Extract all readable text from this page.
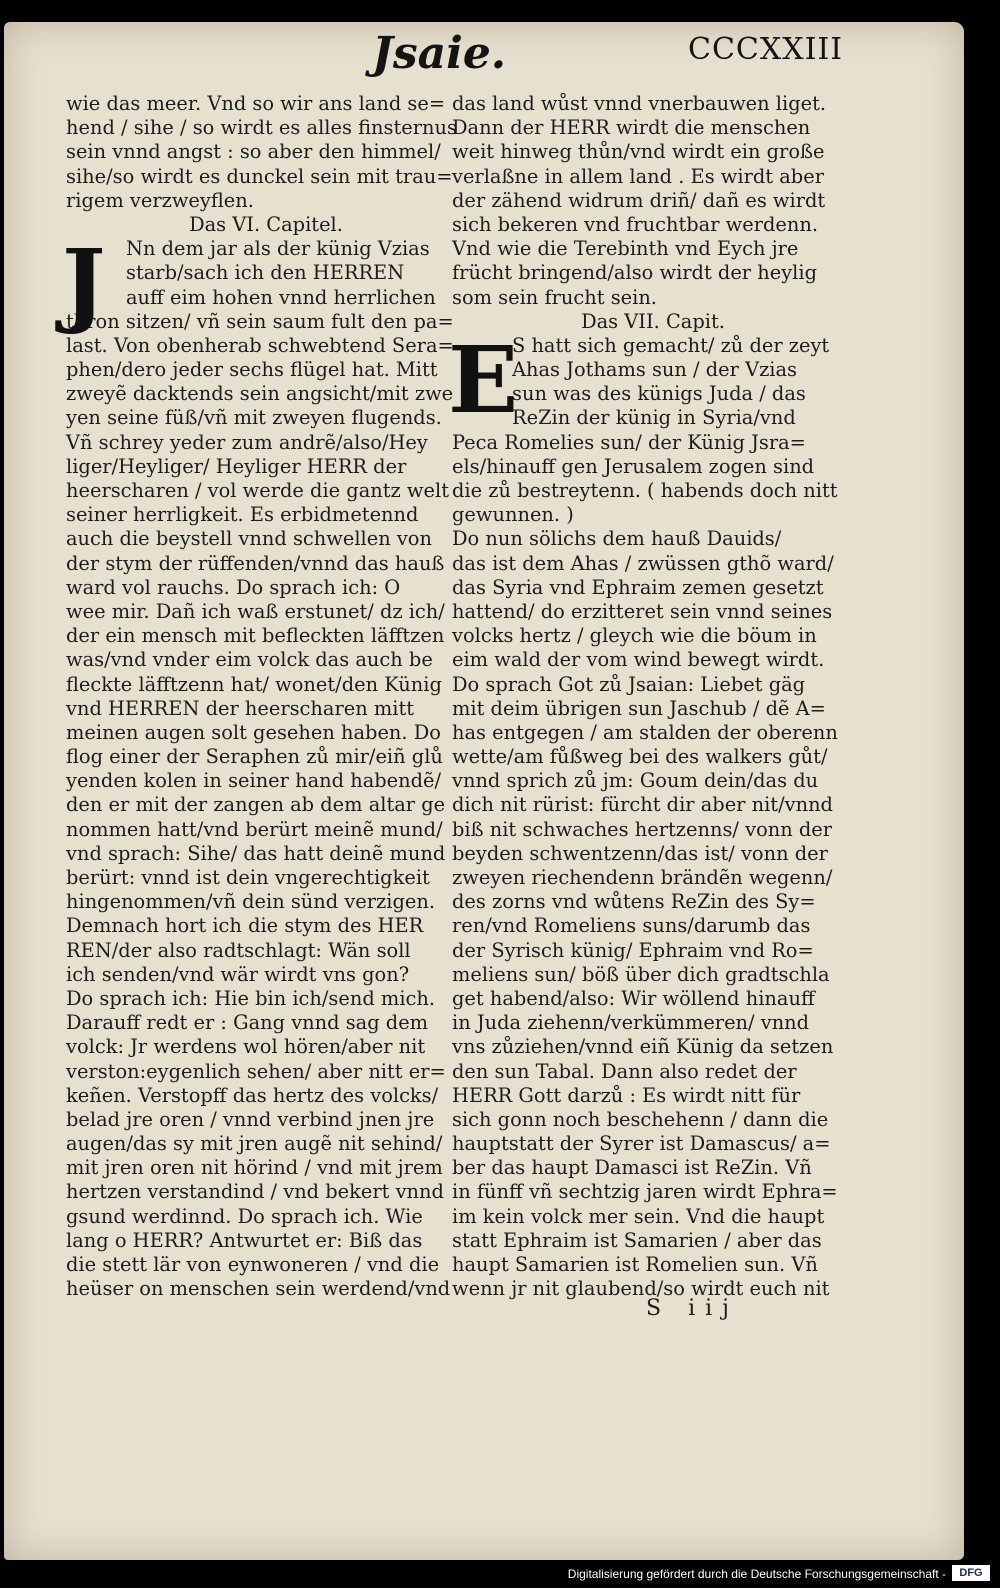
Jsaie.	CCCXXIII
wie das meer. Vnd so wir ans land se=
hend / sihe / so wirdt es alles finsternus
sein vnnd angst : so aber den himmel/
sihe/so wirdt es dunckel sein mit trau=
rigem verzweyflen.
Das VI. Capitel.
J Nn dem jar als der künig Vzias
starb/sach ich den HERREN
auff eim hohen vnnd herrlichen
thron sitzen/ vñ sein saum fult den pa=
last. Von obenherab schwebtend Sera=
phen/dero jeder sechs flügel hat. Mitt
zweyẽ dacktends sein angsicht/mit zwe
yen seine füß/vñ mit zweyen flugends.
Vñ schrey yeder zum andrẽ/also/Hey
liger/Heyliger/ Heyliger HERR der
heerscharen / vol werde die gantz welt
seiner herrligkeit. Es erbidmetennd
auch die beystell vnnd schwellen von
der stym der rüffenden/vnnd das hauß
ward vol rauchs. Do sprach ich: O
wee mir. Dañ ich waß erstunet/ dz ich/
der ein mensch mit befleckten läfftzen
was/vnd vnder eim volck das auch be
fleckte läfftzenn hat/ wonet/den Künig
vnd HERREN der heerscharen mitt
meinen augen solt gesehen haben. Do
flog einer der Seraphen zů mir/eiñ glů
yenden kolen in seiner hand habendẽ/
den er mit der zangen ab dem altar ge
nommen hatt/vnd berürt meinẽ mund/
vnd sprach: Sihe/ das hatt deinẽ mund
berürt: vnnd ist dein vngerechtigkeit
hingenommen/vñ dein sünd verzigen.
Demnach hort ich die stym des HER
REN/der also radtschlagt: Wän soll
ich senden/vnd wär wirdt vns gon?
Do sprach ich: Hie bin ich/send mich.
Darauff redt er : Gang vnnd sag dem
volck: Jr werdens wol hören/aber nit
verston:eygenlich sehen/ aber nitt er=
keñen. Verstopff das hertz des volcks/
belad jre oren / vnnd verbind jnen jre
augen/das sy mit jren augẽ nit sehind/
mit jren oren nit hörind / vnd mit jrem
hertzen verstandind / vnd bekert vnnd
gsund werdinnd. Do sprach ich. Wie
lang o HERR? Antwurtet er: Biß das
die stett lär von eynwoneren / vnd die
heüser on menschen sein werdend/vnd
das land wůst vnnd vnerbauwen liget.
Dann der HERR wirdt die menschen
weit hinweg thůn/vnd wirdt ein große
verlaßne in allem land . Es wirdt aber
der zähend widrum driñ/ dañ es wirdt
sich bekeren vnd fruchtbar werdenn.
Vnd wie die Terebinth vnd Eych jre
frücht bringend/also wirdt der heylig
som sein frucht sein.
Das VII. Capit.
E
S hatt sich gemacht/ zů der zeyt
Ahas Jothams sun / der Vzias
sun was des künigs Juda / das
ReZin der künig in Syria/vnd
Peca Romelies sun/ der Künig Jsra=
els/hinauff gen Jerusalem zogen sind
die zů bestreytenn. ( habends doch nitt
gewunnen. )
Do nun sölichs dem hauß Dauids/
das ist dem Ahas / zwüssen gthõ ward/
das Syria vnd Ephraim zemen gesetzt
hattend/ do erzitteret sein vnnd seines
volcks hertz / gleych wie die böum in
eim wald der vom wind bewegt wirdt.
Do sprach Got zů Jsaian: Liebet gäg
mit deim übrigen sun Jaschub / dẽ A=
has entgegen / am stalden der oberenn
wette/am fůßweg bei des walkers gůt/
vnnd sprich zů jm: Goum dein/das du
dich nit rürist: fürcht dir aber nit/vnnd
biß nit schwaches hertzenns/ vonn der
beyden schwentzenn/das ist/ vonn der
zweyen riechendenn brändẽn wegenn/
des zorns vnd wůtens ReZin des Sy=
ren/vnd Romeliens suns/darumb das
der Syrisch künig/ Ephraim vnd Ro=
meliens sun/ böß über dich gradtschla
get habend/also: Wir wöllend hinauff
in Juda ziehenn/verkümmeren/ vnnd
vns zůziehen/vnnd eiñ Künig da setzen
den sun Tabal. Dann also redet der
HERR Gott darzů : Es wirdt nitt für
sich gonn noch beschehenn / dann die
hauptstatt der Syrer ist Damascus/ a=
ber das haupt Damasci ist ReZin. Vñ
in fünff vñ sechtzig jaren wirdt Ephra=
im kein volck mer sein. Vnd die haupt
statt Ephraim ist Samarien / aber das
haupt Samarien ist Romelien sun. Vñ
wenn jr nit glaubend/so wirdt euch nit
S iij
Digitalisierung gefördert durch die Deutsche Forschungsgemeinschaft -	DFG
